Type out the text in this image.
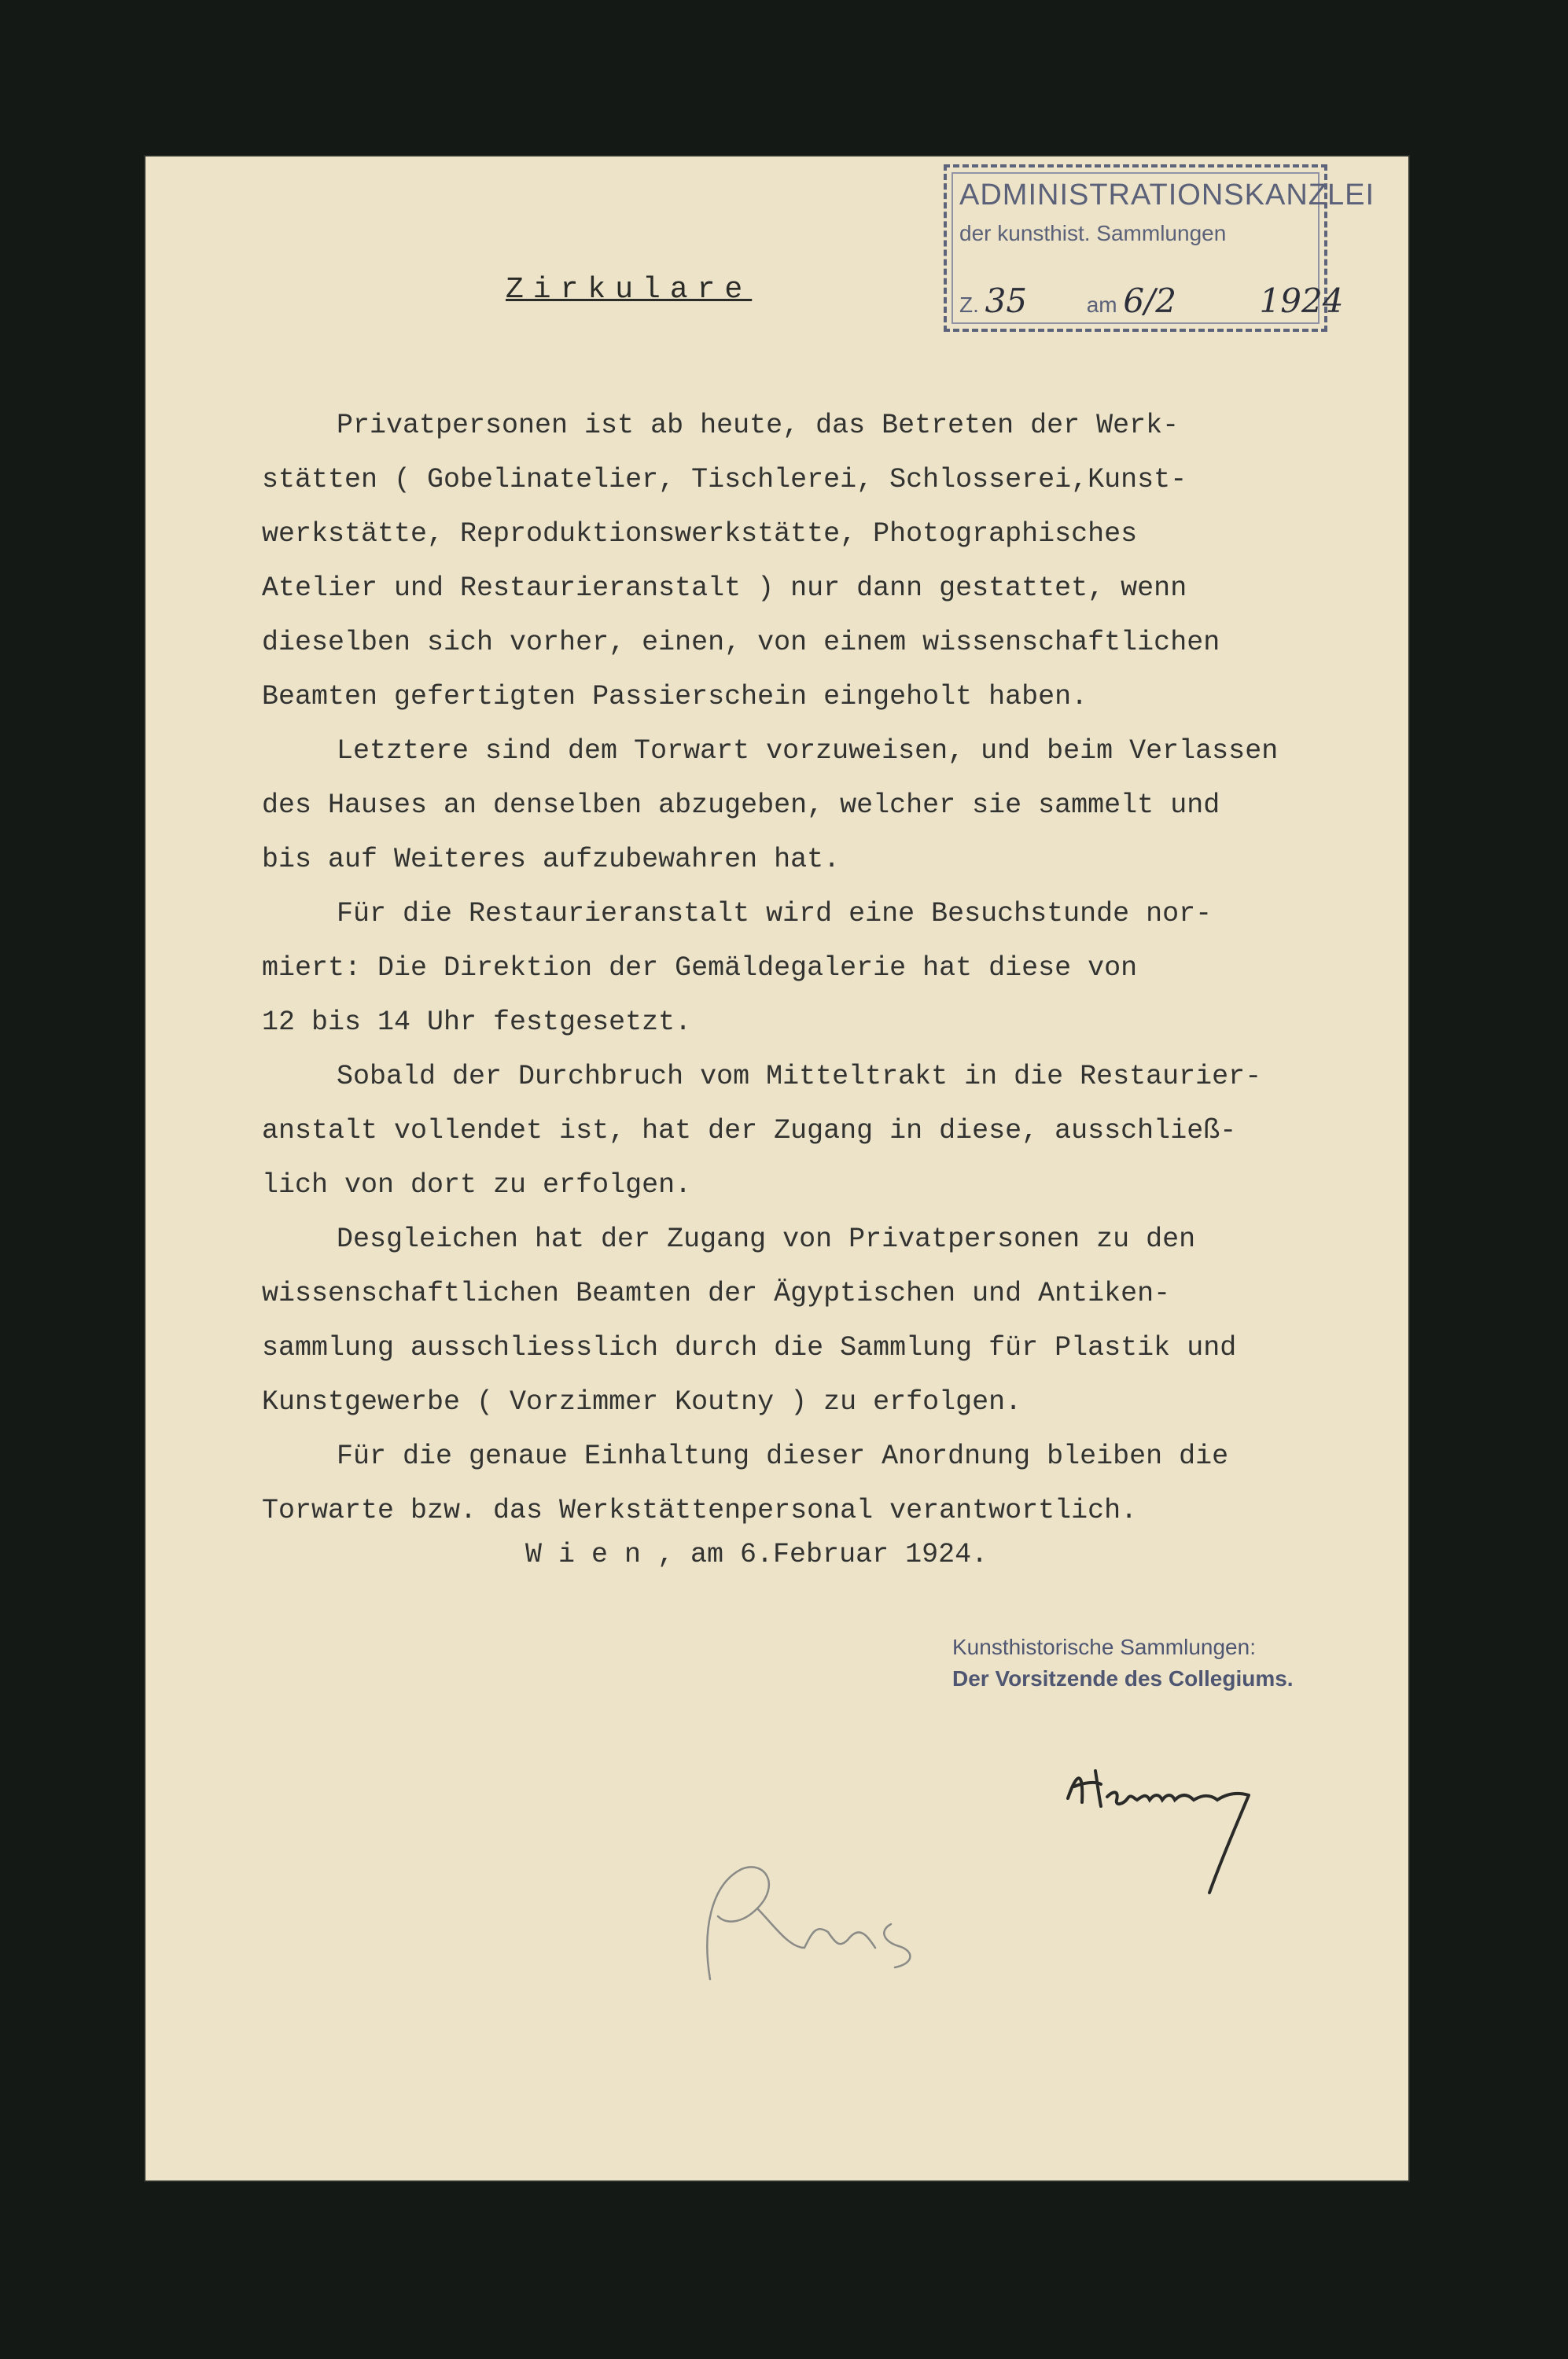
ADMINISTRATIONSKANZLEI
der kunsthist. Sammlungen
Z. 35	am 6/2	1924
Zirkulare

Privatpersonen ist ab heute, das Betreten der Werk-
stätten ( Gobelinatelier, Tischlerei, Schlosserei,Kunst-
werkstätte, Reproduktionswerkstätte, Photographisches
Atelier und Restaurieranstalt ) nur dann gestattet, wenn
dieselben sich vorher, einen, von einem wissenschaftlichen
Beamten gefertigten Passierschein eingeholt haben.

Letztere sind dem Torwart vorzuweisen, und beim Verlassen
des Hauses an denselben abzugeben, welcher sie sammelt und
bis auf Weiteres aufzubewahren hat.

Für die Restaurieranstalt wird eine Besuchstunde nor-
miert: Die Direktion der Gemäldegalerie hat diese von
12 bis 14 Uhr festgesetzt.

Sobald der Durchbruch vom Mitteltrakt in die Restaurier-
anstalt vollendet ist, hat der Zugang in diese, ausschließ-
lich von dort zu erfolgen.

Desgleichen hat der Zugang von Privatpersonen zu den
wissenschaftlichen Beamten der Ägyptischen und Antiken-
sammlung ausschliesslich durch die Sammlung für Plastik und
Kunstgewerbe ( Vorzimmer Koutny ) zu erfolgen.

Für die genaue Einhaltung dieser Anordnung bleiben die
Torwarte bzw. das Werkstättenpersonal verantwortlich.

W i e n , am 6.Februar 1924.
Kunsthistorische Sammlungen:
Der Vorsitzende des Collegiums.
